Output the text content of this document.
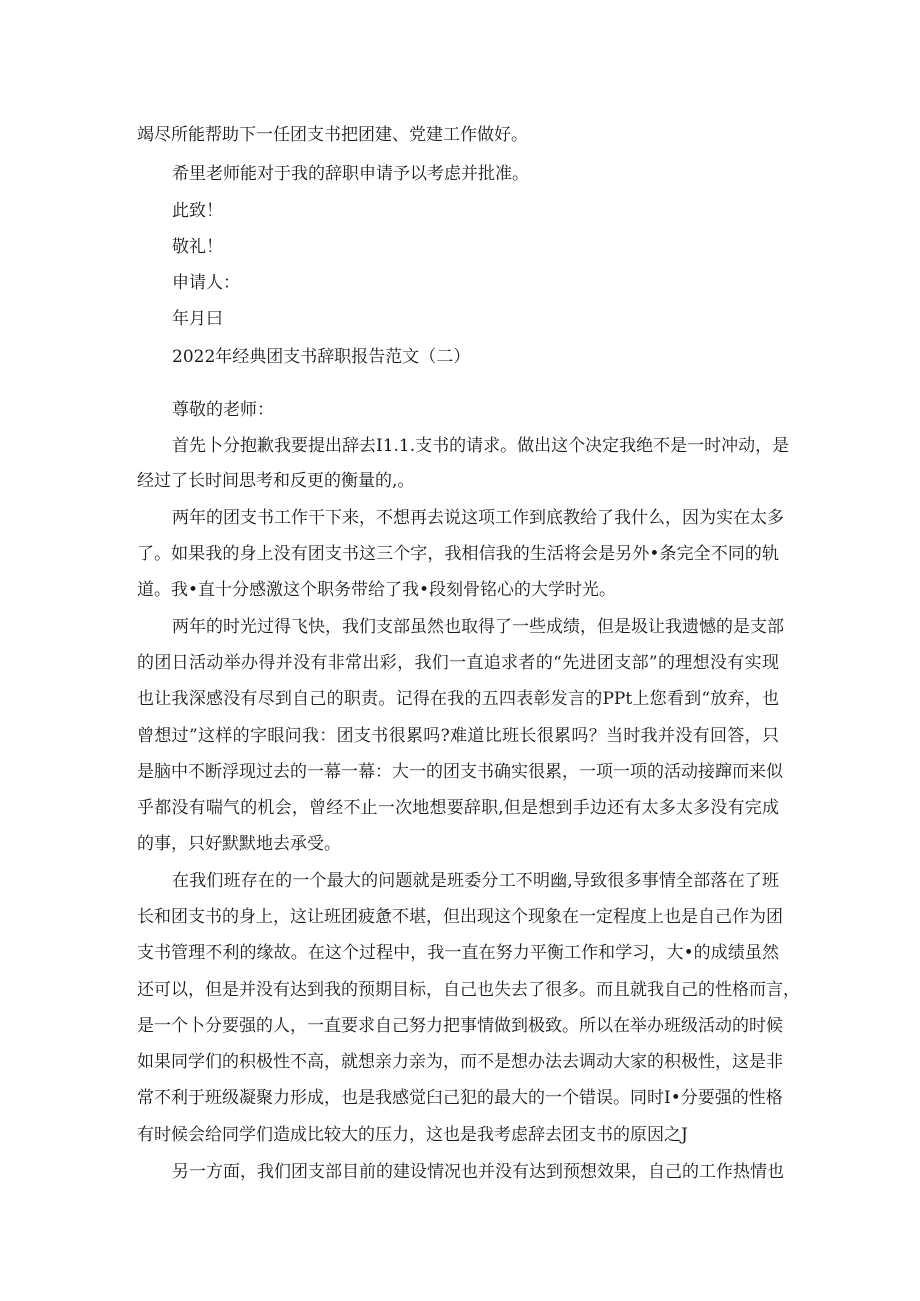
竭尽所能帮助下一任团支书把团建、党建工作做好。
希里老师能对于我的辞职申请予以考虑并批准。
此致！
敬礼！
申请人：
年月曰
2022年经典团支书辞职报告范文（二）
尊敬的老师：
首先卜分抱歉我要提出辞去I1.1.支书的请求。做出这个决定我绝不是一时冲动，是
经过了长时间思考和反更的衡量的,。
两年的团支书工作干下来，不想再去说这项工作到底教给了我什么，因为实在太多
了。如果我的身上没有团支书这三个字，我相信我的生活将会是另外•条完全不同的轨
道。我•直十分感激这个职务带给了我•段刻骨铭心的大学时光。
两年的时光过得飞快，我们支部虽然也取得了一些成绩，但是圾让我遗憾的是支部
的团日活动举办得并没有非常出彩，我们一直追求者的“先进团支部”的理想没有实现
也让我深感没有尽到自己的职责。记得在我的五四表彰发言的PPt上您看到“放弃，也
曾想过”这样的字眼问我：团支书很累吗?难道比班长很累吗？当时我并没有回答，只
是脑中不断浮现过去的一幕一幕：大一的团支书确实很累，一项一项的活动接蹿而来似
乎都没有喘气的机会，曾经不止一次地想要辞职,但是想到手边还有太多太多没有完成
的事，只好默默地去承受。
在我们班存在的一个最大的问题就是班委分工不明幽,导致很多事情全部落在了班
长和团支书的身上，这让班团疲惫不堪，但出现这个现象在一定程度上也是自己作为团
支书管理不利的缘故。在这个过程中，我一直在努力平衡工作和学习，大•的成绩虽然
还可以，但是并没有达到我的预期目标，自己也失去了很多。而且就我自己的性格而言，
是一个卜分要强的人，一直要求自己努力把事情做到极致。所以在举办班级活动的时候
如果同学们的积极性不高，就想亲力亲为，而不是想办法去调动大家的积极性，这是非
常不利于班级凝聚力形成，也是我感觉臼己犯的最大的一个错误。同时I•分要强的性格
有时候会给同学们造成比较大的压力，这也是我考虑辞去团支书的原因之J
另一方面，我们团支部目前的建设情况也并没有达到预想效果，自己的工作热情也
